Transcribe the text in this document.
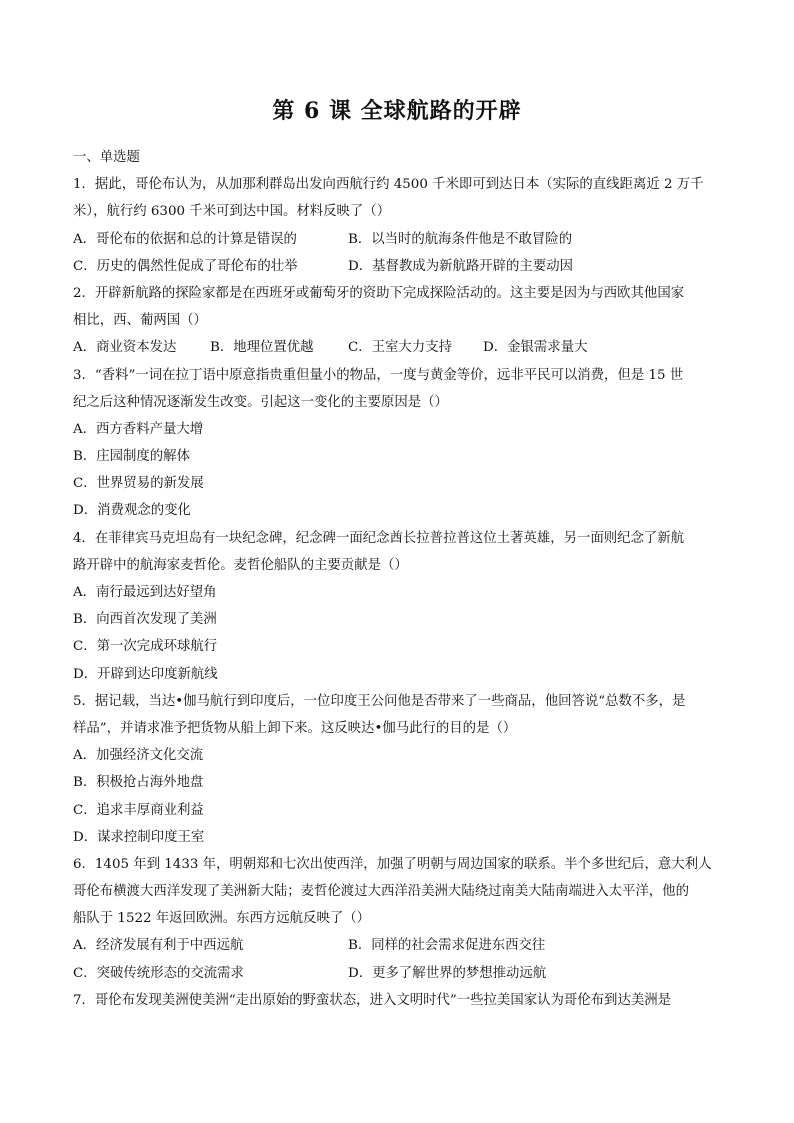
第 6 课 全球航路的开辟
一、单选题
1．据此，哥伦布认为，从加那利群岛出发向西航行约 4500 千米即可到达日本（实际的直线距离近 2 万千
米），航行约 6300 千米可到达中国。材料反映了（）
A．哥伦布的依据和总的计算是错误的	B．以当时的航海条件他是不敢冒险的
C．历史的偶然性促成了哥伦布的壮举	D．基督教成为新航路开辟的主要动因
2．开辟新航路的探险家都是在西班牙或葡萄牙的资助下完成探险活动的。这主要是因为与西欧其他国家
相比，西、葡两国（）
A．商业资本发达	B．地理位置优越	C．王室大力支持 D．金银需求量大
3．“香料”一词在拉丁语中原意指贵重但量小的物品，一度与黄金等价，远非平民可以消费，但是 15 世
纪之后这种情况逐渐发生改变。引起这一变化的主要原因是（）
A．西方香料产量大增
B．庄园制度的解体
C．世界贸易的新发展
D．消费观念的变化
4．在菲律宾马克坦岛有一块纪念碑，纪念碑一面纪念酋长拉普拉普这位土著英雄，另一面则纪念了新航
路开辟中的航海家麦哲伦。麦哲伦船队的主要贡献是（）
A．南行最远到达好望角
B．向西首次发现了美洲
C．第一次完成环球航行
D．开辟到达印度新航线
5．据记载，当达•伽马航行到印度后，一位印度王公问他是否带来了一些商品，他回答说“总数不多，是
样品”，并请求准予把货物从船上卸下来。这反映达•伽马此行的目的是（）
A．加强经济文化交流
B．积极抢占海外地盘
C．追求丰厚商业利益
D．谋求控制印度王室
6．1405 年到 1433 年，明朝郑和七次出使西洋，加强了明朝与周边国家的联系。半个多世纪后，意大利人
哥伦布横渡大西洋发现了美洲新大陆；麦哲伦渡过大西洋沿美洲大陆绕过南美大陆南端进入太平洋，他的
船队于 1522 年返回欧洲。东西方远航反映了（）
A．经济发展有利于中西远航	B．同样的社会需求促进东西交往
C．突破传统形态的交流需求	D．更多了解世界的梦想推动远航
7．哥伦布发现美洲使美洲“走出原始的野蛮状态，进入文明时代”一些拉美国家认为哥伦布到达美洲是
